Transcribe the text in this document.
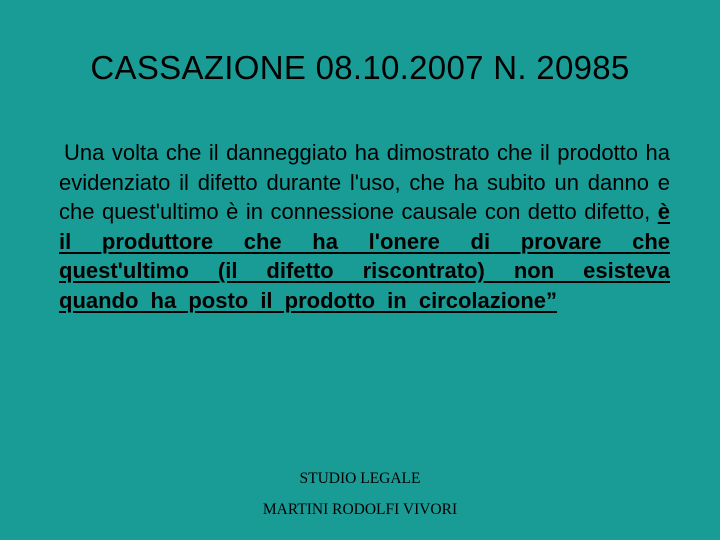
CASSAZIONE 08.10.2007 N. 20985
Una volta che il danneggiato ha dimostrato che il prodotto ha evidenziato il difetto durante l'uso, che ha subito un danno e che quest'ultimo è in connessione causale con detto difetto, è il produttore che ha l'onere di provare che quest'ultimo (il difetto riscontrato) non esisteva quando ha posto il prodotto in circolazione”
STUDIO LEGALE
MARTINI RODOLFI VIVORI
